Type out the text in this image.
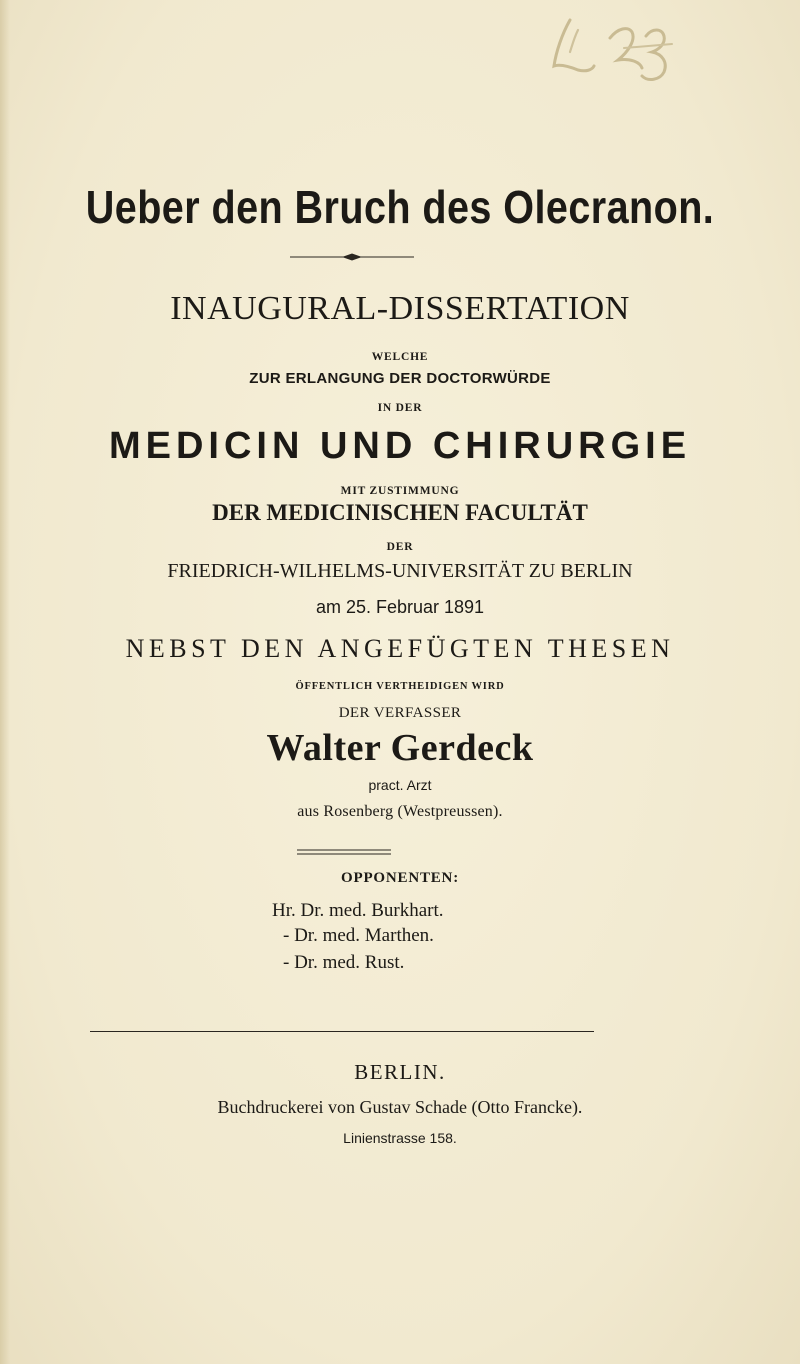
Ueber den Bruch des Olecranon.

INAUGURAL-DISSERTATION

WELCHE

ZUR ERLANGUNG DER DOCTORWÜRDE

IN DER

MEDICIN UND CHIRURGIE

MIT ZUSTIMMUNG

DER MEDICINISCHEN FACULTÄT

DER

FRIEDRICH-WILHELMS-UNIVERSITÄT ZU BERLIN

am 25. Februar 1891

NEBST DEN ANGEFÜGTEN THESEN

ÖFFENTLICH VERTHEIDIGEN WIRD

DER VERFASSER

Walter Gerdeck

pract. Arzt

aus Rosenberg (Westpreussen).

OPPONENTEN:

Hr. Dr. med. Burkhart.

- Dr. med. Marthen.

- Dr. med. Rust.

BERLIN.

Buchdruckerei von Gustav Schade (Otto Francke).

Linienstrasse 158.
